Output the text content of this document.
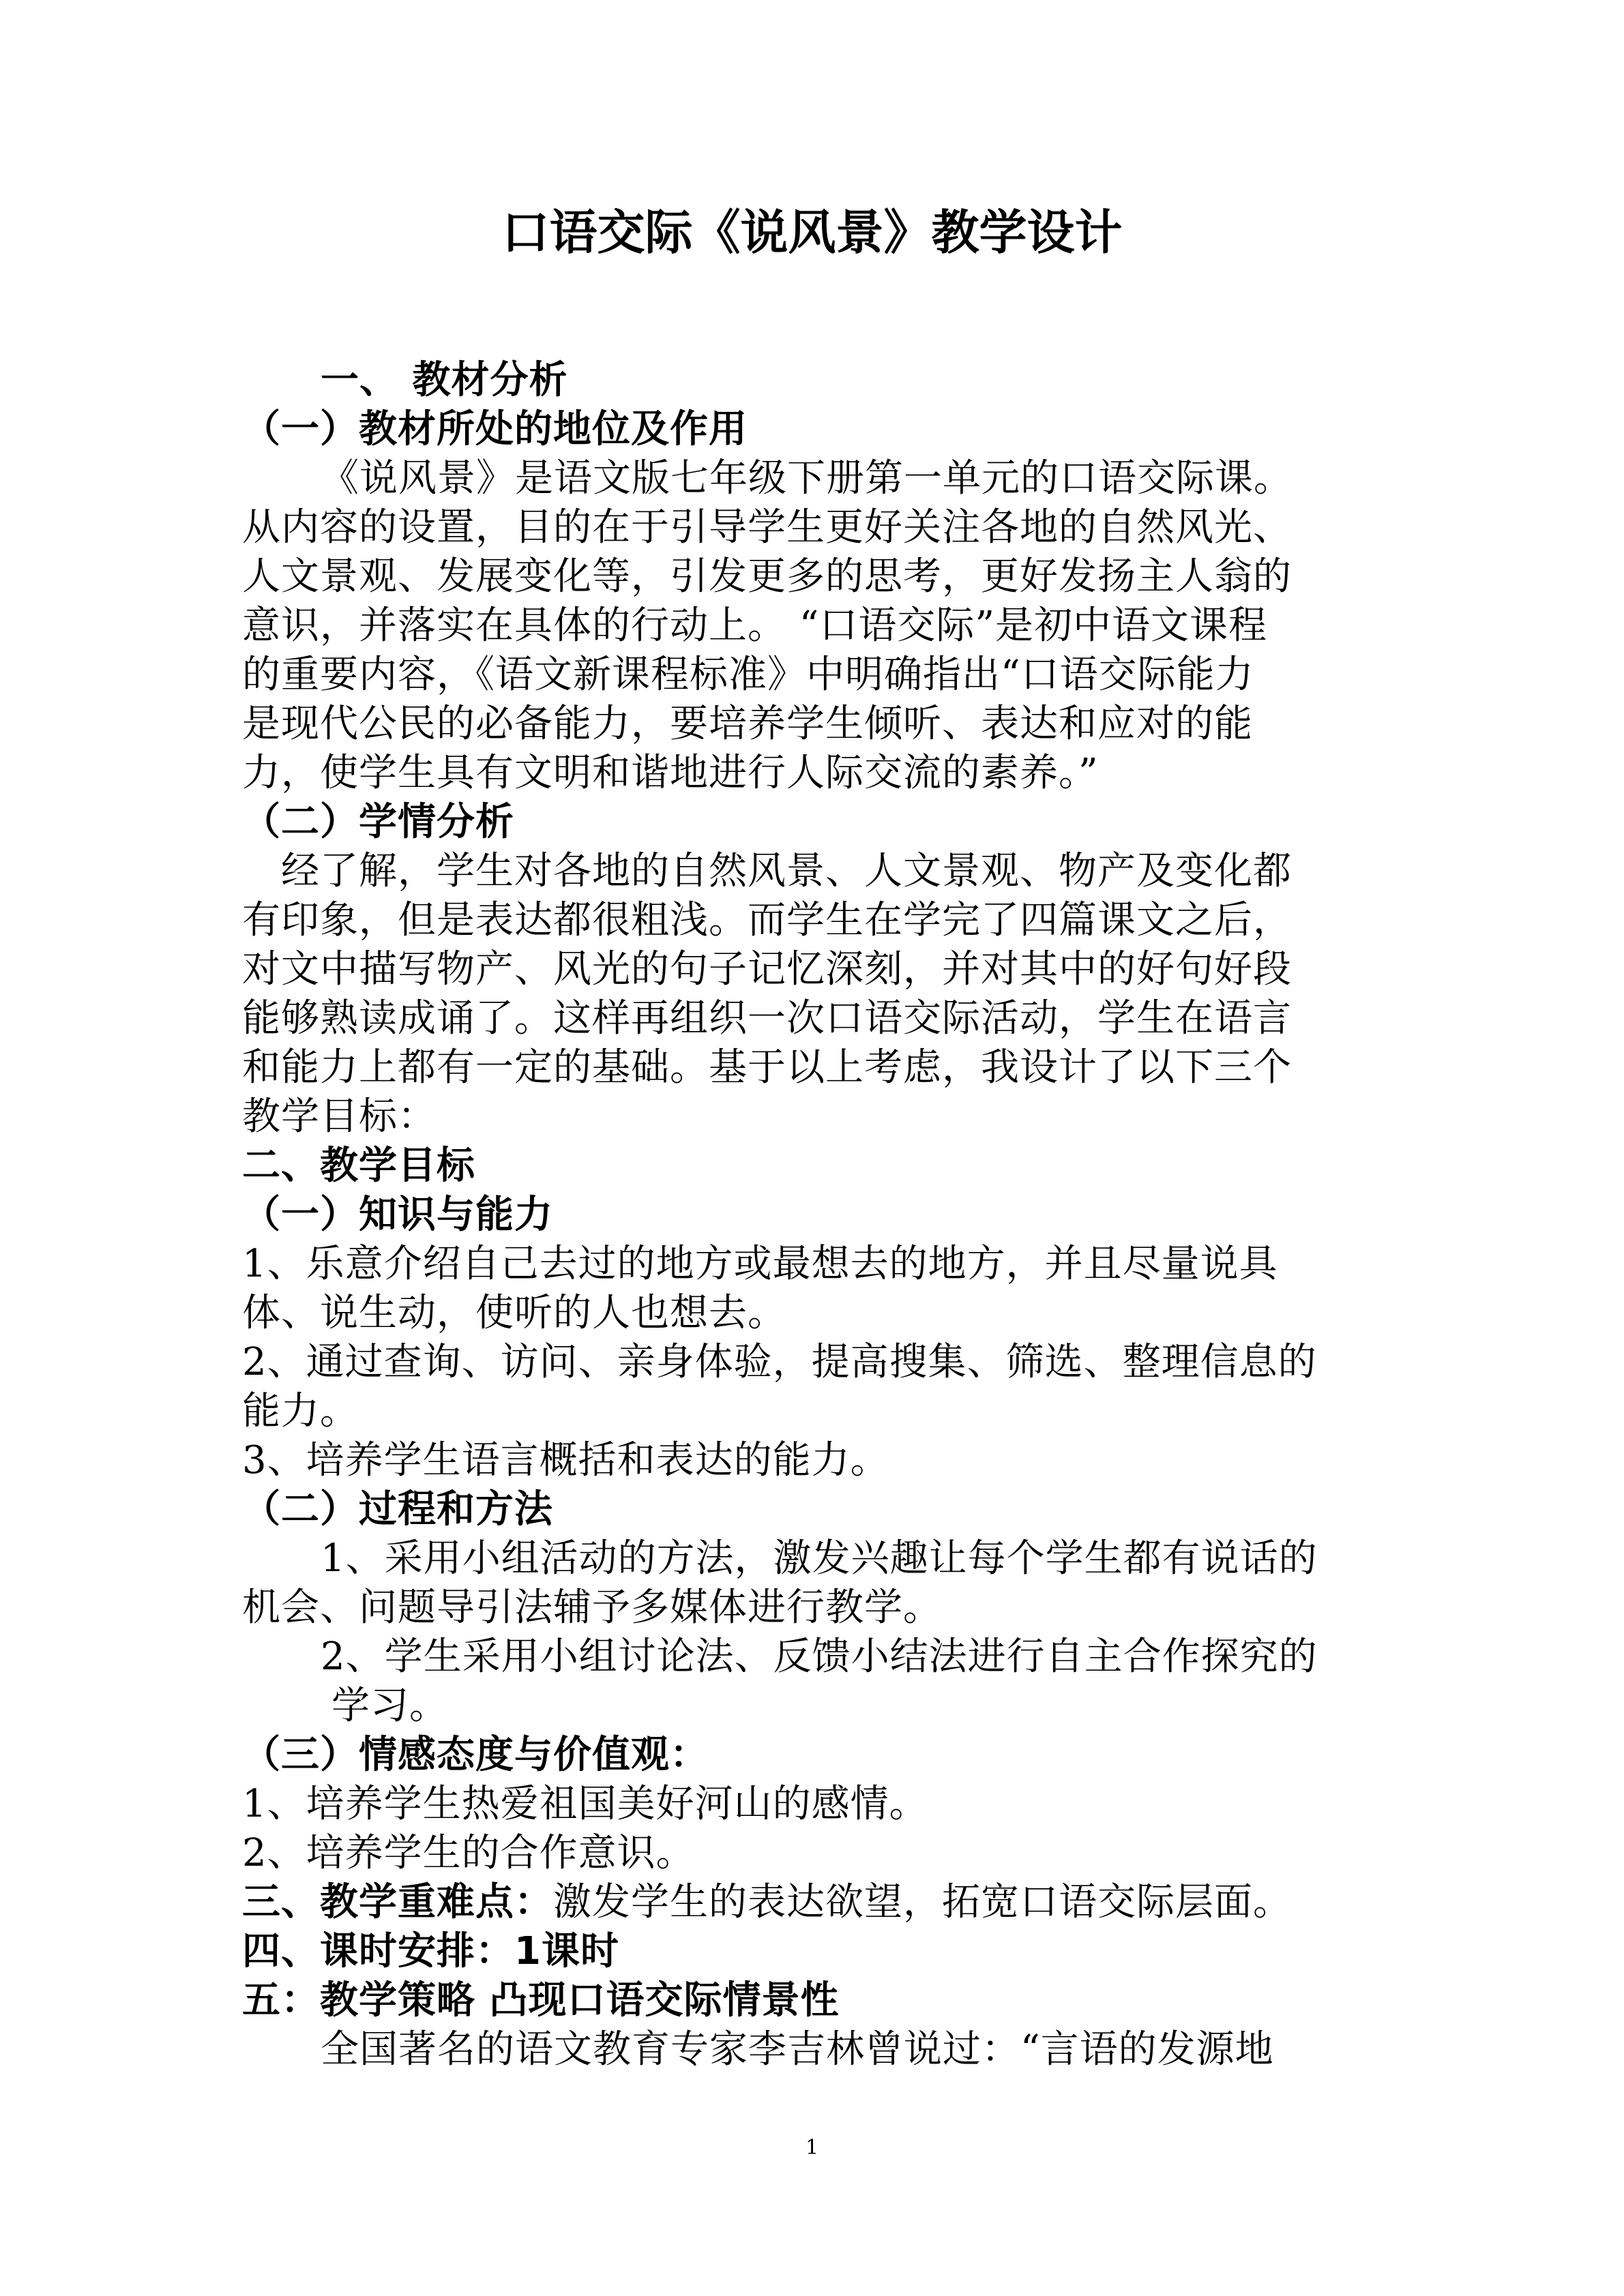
口语交际《说风景》教学设计
一、 教材分析
（一）教材所处的地位及作用
《说风景》是语文版七年级下册第一单元的口语交际课。
从内容的设置，目的在于引导学生更好关注各地的自然风光、
人文景观、发展变化等，引发更多的思考，更好发扬主人翁的
意识，并落实在具体的行动上。 “口语交际”是初中语文课程
的重要内容，《语文新课程标准》中明确指出“口语交际能力
是现代公民的必备能力，要培养学生倾听、表达和应对的能
力，使学生具有文明和谐地进行人际交流的素养。”
（二）学情分析
经了解，学生对各地的自然风景、人文景观、物产及变化都
有印象，但是表达都很粗浅。而学生在学完了四篇课文之后，
对文中描写物产、风光的句子记忆深刻，并对其中的好句好段
能够熟读成诵了。这样再组织一次口语交际活动，学生在语言
和能力上都有一定的基础。基于以上考虑，我设计了以下三个
教学目标：
二、教学目标
（一）知识与能力
1、乐意介绍自己去过的地方或最想去的地方，并且尽量说具
体、说生动，使听的人也想去。
2、通过查询、访问、亲身体验，提高搜集、筛选、整理信息的
能力。
3、培养学生语言概括和表达的能力。
（二）过程和方法
1、采用小组活动的方法，激发兴趣让每个学生都有说话的
机会、问题导引法辅予多媒体进行教学。
2、学生采用小组讨论法、反馈小结法进行自主合作探究的
学习。
（三）情感态度与价值观：
1、培养学生热爱祖国美好河山的感情。
2、培养学生的合作意识。
三、教学重难点：激发学生的表达欲望，拓宽口语交际层面。
四、课时安排：1课时
五：教学策略 凸现口语交际情景性
全国著名的语文教育专家李吉林曾说过：“言语的发源地
1
